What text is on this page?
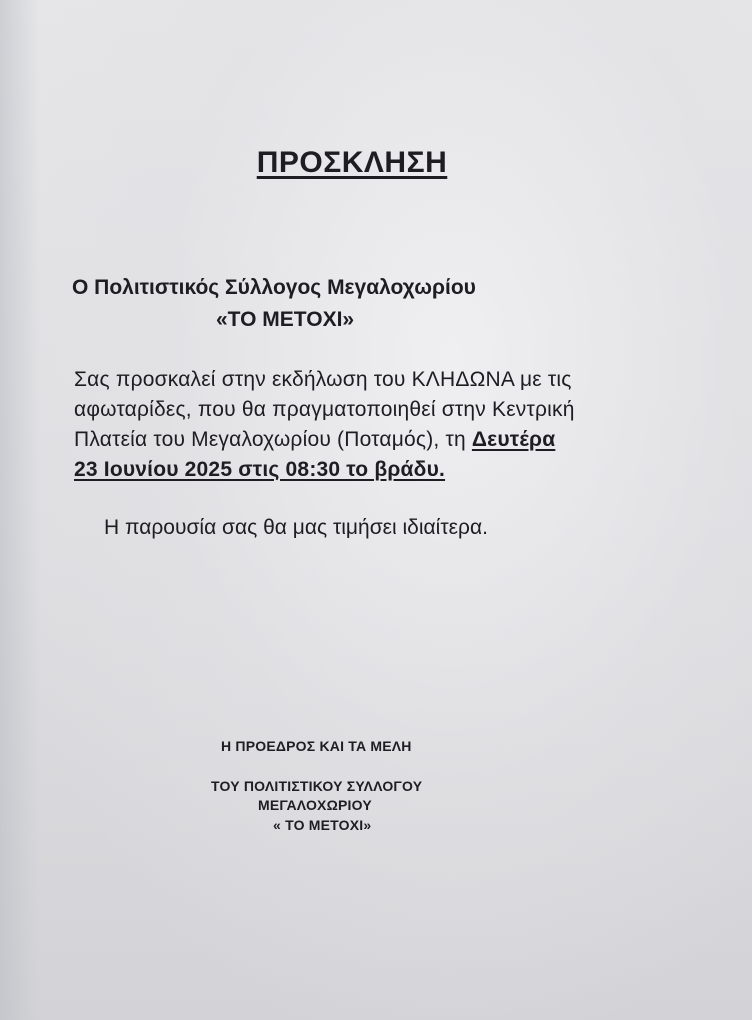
ΠΡΟΣΚΛΗΣΗ
Ο Πολιτιστικός Σύλλογος Μεγαλοχωρίου
«ΤΟ ΜΕΤΟΧΙ»
Σας προσκαλεί στην εκδήλωση του ΚΛΗΔΩΝΑ με τις
αφωταρίδες, που θα πραγματοποιηθεί στην Κεντρική
Πλατεία του Μεγαλοχωρίου (Ποταμός), τη Δευτέρα
23 Ιουνίου 2025 στις 08:30 το βράδυ.
Η παρουσία σας θα μας τιμήσει ιδιαίτερα.
Η ΠΡΟΕΔΡΟΣ ΚΑΙ ΤΑ ΜΕΛΗ
ΤΟΥ ΠΟΛΙΤΙΣΤΙΚΟΥ ΣΥΛΛΟΓΟΥ
ΜΕΓΑΛΟΧΩΡΙΟΥ
« ΤΟ ΜΕΤΟΧΙ»
